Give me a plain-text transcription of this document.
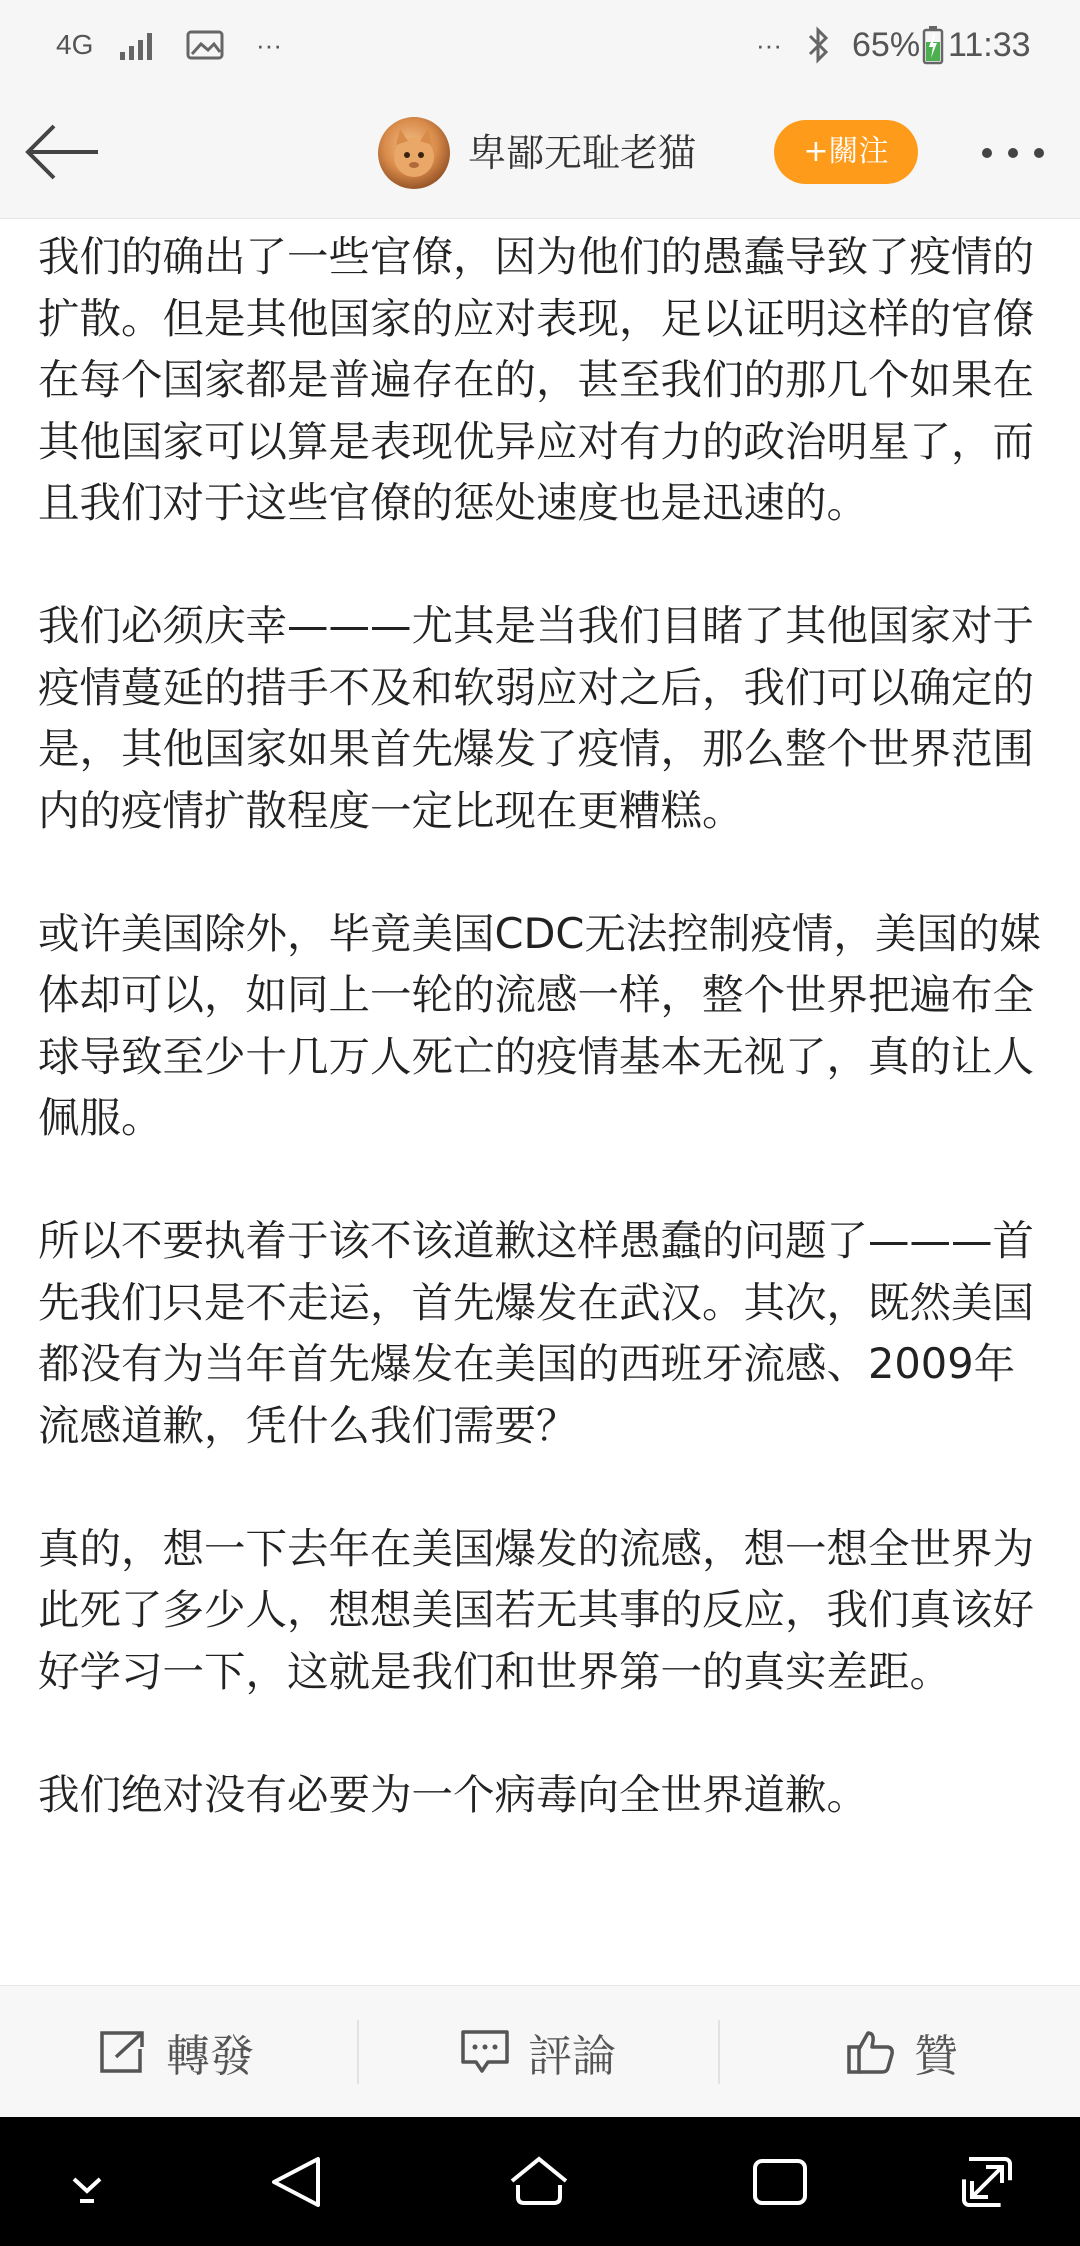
4G	···	··· 65% 11:33
卑鄙无耻老猫	+關注

我们的确出了一些官僚，因为他们的愚蠢导致了疫情的扩散。但是其他国家的应对表现，足以证明这样的官僚在每个国家都是普遍存在的，甚至我们的那几个如果在其他国家可以算是表现优异应对有力的政治明星了，而且我们对于这些官僚的惩处速度也是迅速的。

我们必须庆幸———尤其是当我们目睹了其他国家对于疫情蔓延的措手不及和软弱应对之后，我们可以确定的是，其他国家如果首先爆发了疫情，那么整个世界范围内的疫情扩散程度一定比现在更糟糕。

或许美国除外，毕竟美国CDC无法控制疫情，美国的媒体却可以，如同上一轮的流感一样，整个世界把遍布全球导致至少十几万人死亡的疫情基本无视了，真的让人佩服。

所以不要执着于该不该道歉这样愚蠢的问题了———首先我们只是不走运，首先爆发在武汉。其次，既然美国都没有为当年首先爆发在美国的西班牙流感、2009年流感道歉，凭什么我们需要？

真的，想一下去年在美国爆发的流感，想一想全世界为此死了多少人，想想美国若无其事的反应，我们真该好好学习一下，这就是我们和世界第一的真实差距。

我们绝对没有必要为一个病毒向全世界道歉。

轉發	評論	贊
